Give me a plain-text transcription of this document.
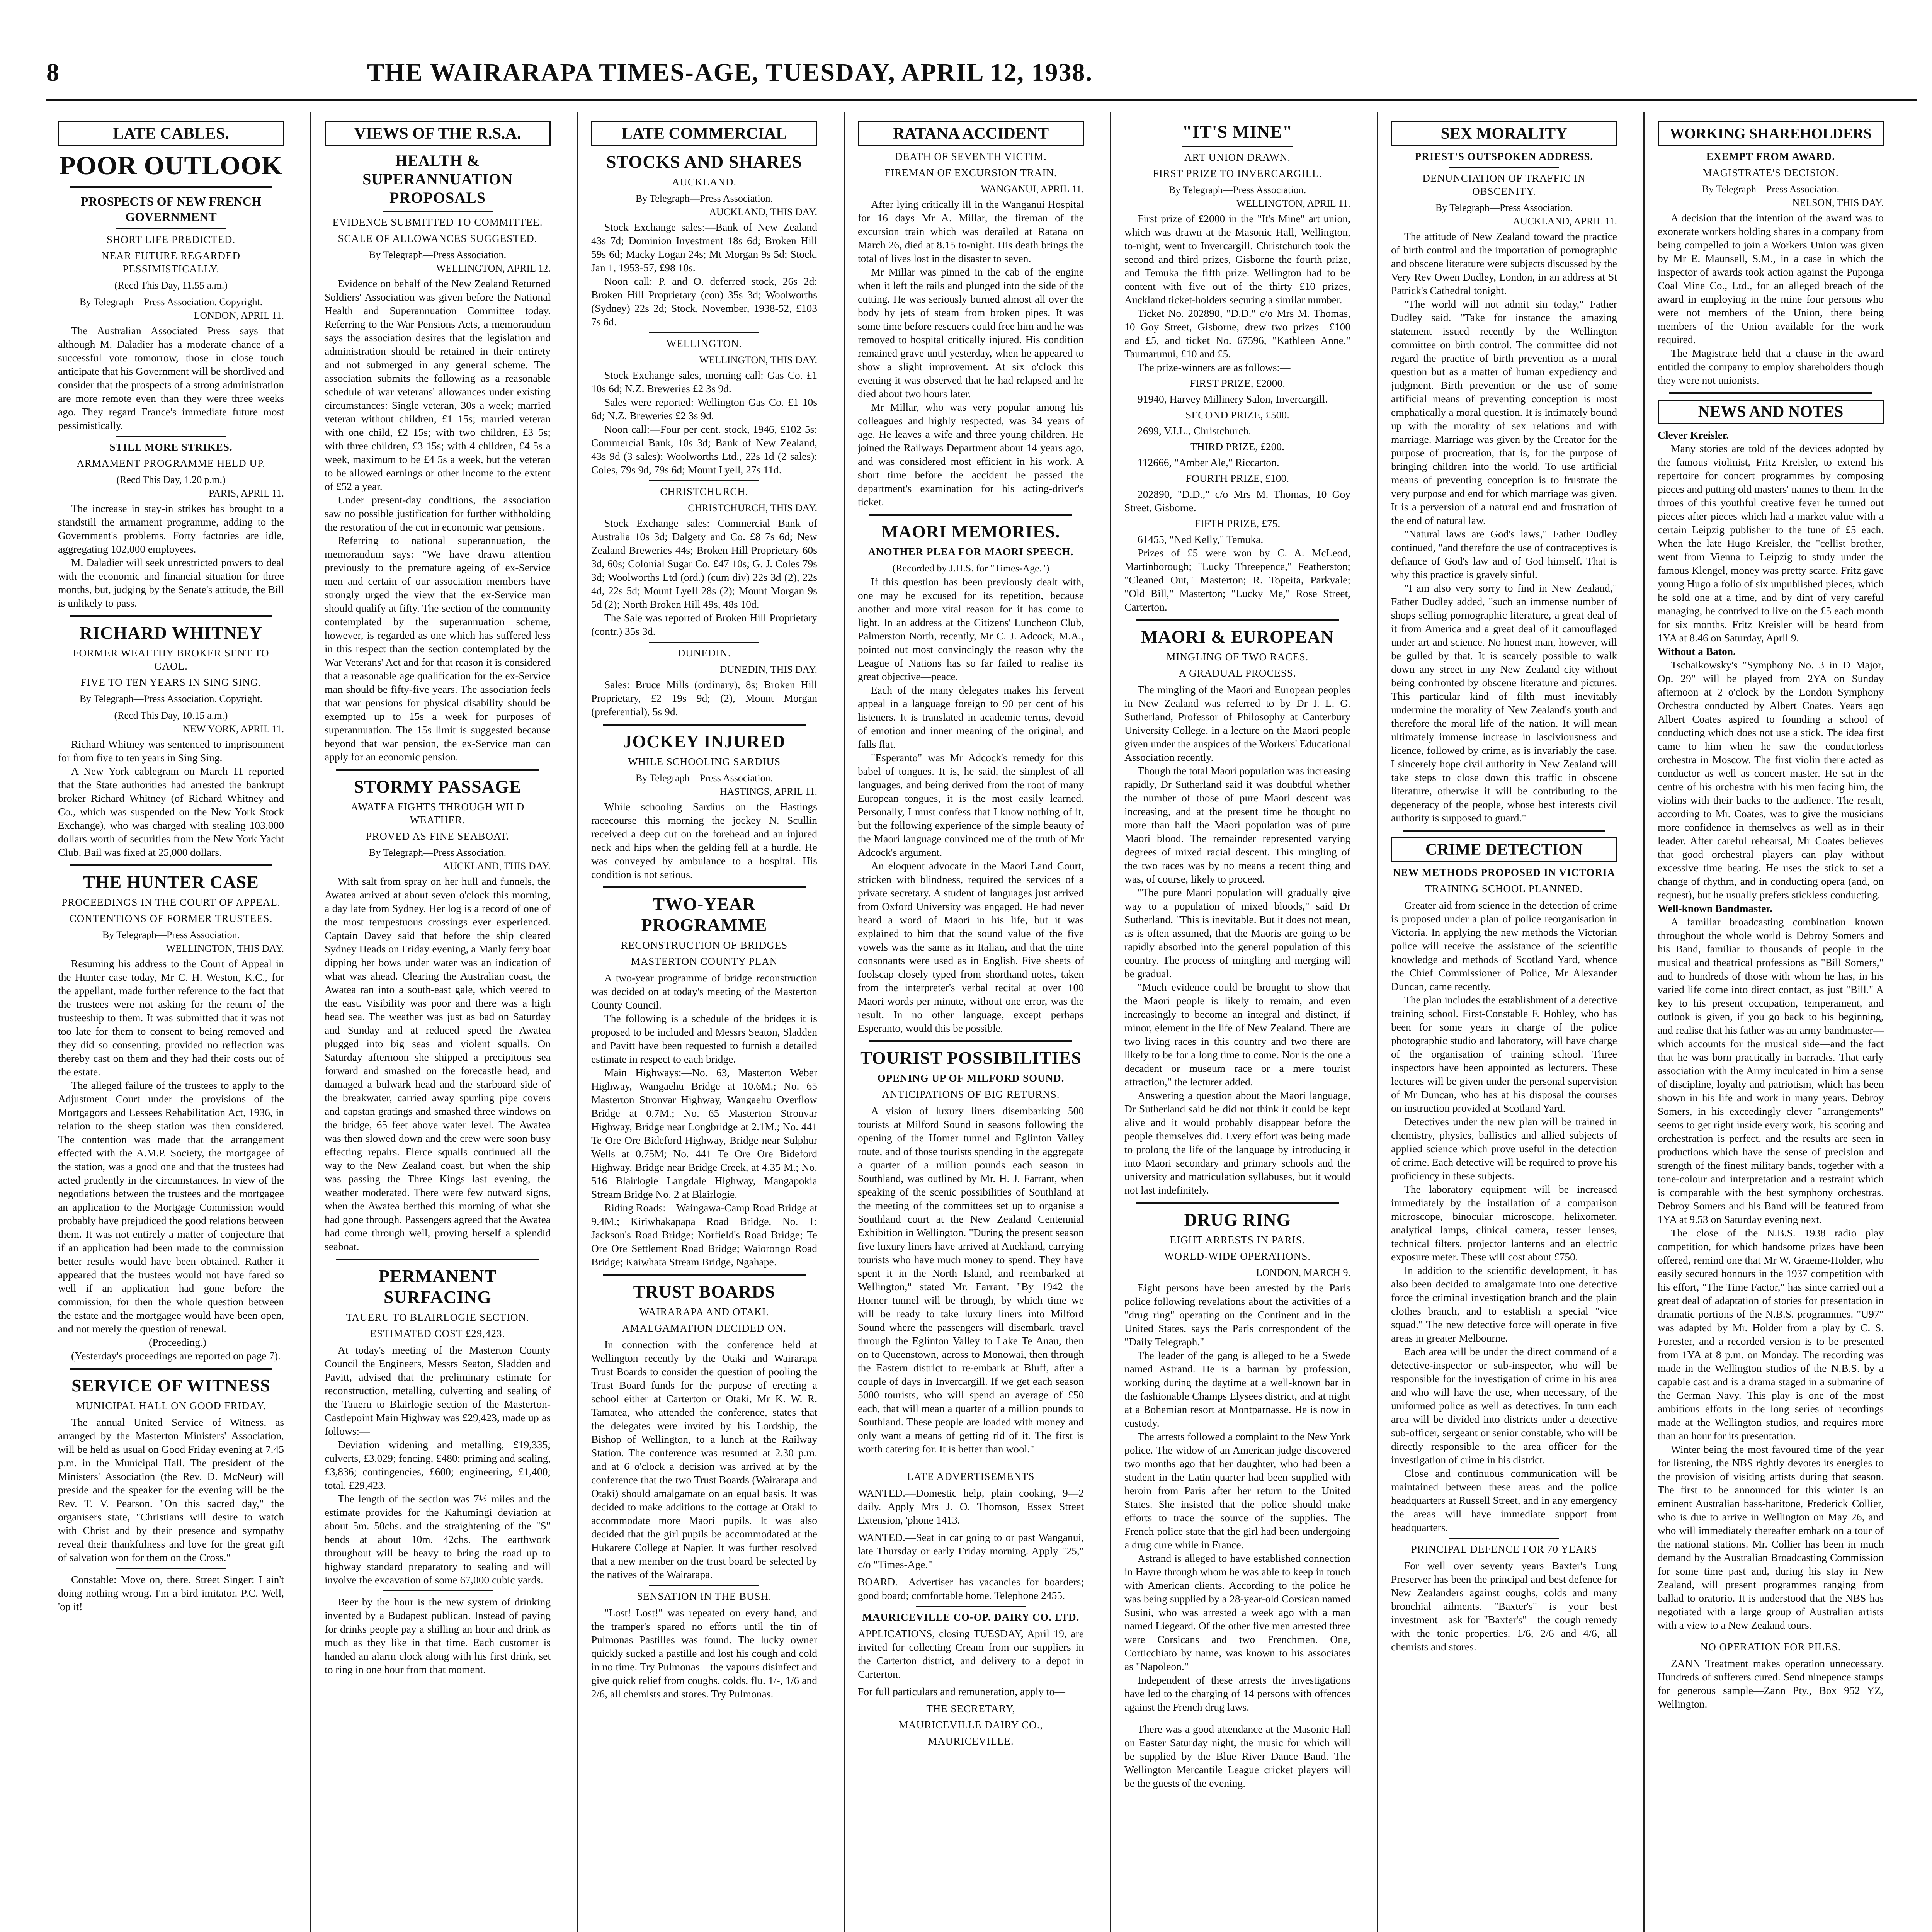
8	THE WAIRARAPA TIMES-AGE, TUESDAY, APRIL 12, 1938.
LATE CABLES.
POOR OUTLOOK
PROSPECTS OF NEW FRENCH GOVERNMENT
SHORT LIFE PREDICTED.
NEAR FUTURE REGARDED PESSIMISTICALLY.
(Recd This Day, 11.55 a.m.)
By Telegraph—Press Association. Copyright.
LONDON, APRIL 11.

The Australian Associated Press says that although M. Daladier has a moderate chance of a successful vote tomorrow, those in close touch anticipate that his Government will be shortlived and consider that the prospects of a strong administration are more remote even than they were three weeks ago. They regard France's immediate future most pessimistically.

STILL MORE STRIKES.
ARMAMENT PROGRAMME HELD UP.
(Recd This Day, 1.20 p.m.)
PARIS, APRIL 11.

The increase in stay-in strikes has brought to a standstill the armament programme, adding to the Government's problems. Forty factories are idle, aggregating 102,000 employees.

M. Daladier will seek unrestricted powers to deal with the economic and financial situation for three months, but, judging by the Senate's attitude, the Bill is unlikely to pass.

RICHARD WHITNEY
FORMER WEALTHY BROKER SENT TO GAOL.
FIVE TO TEN YEARS IN SING SING.
By Telegraph—Press Association. Copyright.
(Recd This Day, 10.15 a.m.)
NEW YORK, APRIL 11.

Richard Whitney was sentenced to imprisonment for from five to ten years in Sing Sing.

A New York cablegram on March 11 reported that the State authorities had arrested the bankrupt broker Richard Whitney (of Richard Whitney and Co., which was suspended on the New York Stock Exchange), who was charged with stealing 103,000 dollars worth of securities from the New York Yacht Club. Bail was fixed at 25,000 dollars.

THE HUNTER CASE
PROCEEDINGS IN THE COURT OF APPEAL.
CONTENTIONS OF FORMER TRUSTEES.
By Telegraph—Press Association.
WELLINGTON, THIS DAY.

Resuming his address to the Court of Appeal in the Hunter case today, Mr C. H. Weston, K.C., for the appellant, made further reference to the fact that the trustees were not asking for the return of the trusteeship to them. It was submitted that it was not too late for them to consent to being removed and they did so consenting, provided no reflection was thereby cast on them and they had their costs out of the estate.

The alleged failure of the trustees to apply to the Adjustment Court under the provisions of the Mortgagors and Lessees Rehabilitation Act, 1936, in relation to the sheep station was then considered. The contention was made that the arrangement effected with the A.M.P. Society, the mortgagee of the station, was a good one and that the trustees had acted prudently in the circumstances. In view of the negotiations between the trustees and the mortgagee an application to the Mortgage Commission would probably have prejudiced the good relations between them. It was not entirely a matter of conjecture that if an application had been made to the commission better results would have been obtained. Rather it appeared that the trustees would not have fared so well if an application had gone before the commission, for then the whole question between the estate and the mortgagee would have been open, and not merely the question of renewal.

(Proceeding.)

(Yesterday's proceedings are reported on page 7).

SERVICE OF WITNESS
MUNICIPAL HALL ON GOOD FRIDAY.

The annual United Service of Witness, as arranged by the Masterton Ministers' Association, will be held as usual on Good Friday evening at 7.45 p.m. in the Municipal Hall. The president of the Ministers' Association (the Rev. D. McNeur) will preside and the speaker for the evening will be the Rev. T. V. Pearson. "On this sacred day," the organisers state, "Christians will desire to watch with Christ and by their presence and sympathy reveal their thankfulness and love for the great gift of salvation won for them on the Cross."

Constable: Move on, there. Street Singer: I ain't doing nothing wrong. I'm a bird imitator. P.C. Well, 'op it!

VIEWS OF THE R.S.A.
HEALTH & SUPERANNUATION PROPOSALS
EVIDENCE SUBMITTED TO COMMITTEE.
SCALE OF ALLOWANCES SUGGESTED.
By Telegraph—Press Association.
WELLINGTON, APRIL 12.

Evidence on behalf of the New Zealand Returned Soldiers' Association was given before the National Health and Superannuation Committee today. Referring to the War Pensions Acts, a memorandum says the association desires that the legislation and administration should be retained in their entirety and not submerged in any general scheme. The association submits the following as a reasonable schedule of war veterans' allowances under existing circumstances: Single veteran, 30s a week; married veteran without children, £1 15s; married veteran with one child, £2 15s; with two children, £3 5s; with three children, £3 15s; with 4 children, £4 5s a week, maximum to be £4 5s a week, but the veteran to be allowed earnings or other income to the extent of £52 a year.

Under present-day conditions, the association saw no possible justification for further withholding the restoration of the cut in economic war pensions.

Referring to national superannuation, the memorandum says: "We have drawn attention previously to the premature ageing of ex-Service men and certain of our association members have strongly urged the view that the ex-Service man should qualify at fifty. The section of the community contemplated by the superannuation scheme, however, is regarded as one which has suffered less in this respect than the section contemplated by the War Veterans' Act and for that reason it is considered that a reasonable age qualification for the ex-Service man should be fifty-five years. The association feels that war pensions for physical disability should be exempted up to 15s a week for purposes of superannuation. The 15s limit is suggested because beyond that war pension, the ex-Service man can apply for an economic pension.

STORMY PASSAGE
AWATEA FIGHTS THROUGH WILD WEATHER.
PROVED AS FINE SEABOAT.
By Telegraph—Press Association.
AUCKLAND, THIS DAY.

With salt from spray on her hull and funnels, the Awatea arrived at about seven o'clock this morning, a day late from Sydney. Her log is a record of one of the most tempestuous crossings ever experienced. Captain Davey said that before the ship cleared Sydney Heads on Friday evening, a Manly ferry boat dipping her bows under water was an indication of what was ahead. Clearing the Australian coast, the Awatea ran into a south-east gale, which veered to the east. Visibility was poor and there was a high head sea. The weather was just as bad on Saturday and Sunday and at reduced speed the Awatea plugged into big seas and violent squalls. On Saturday afternoon she shipped a precipitous sea forward and smashed on the forecastle head, and damaged a bulwark head and the starboard side of the breakwater, carried away spurling pipe covers and capstan gratings and smashed three windows on the bridge, 65 feet above water level. The Awatea was then slowed down and the crew were soon busy effecting repairs. Fierce squalls continued all the way to the New Zealand coast, but when the ship was passing the Three Kings last evening, the weather moderated. There were few outward signs, when the Awatea berthed this morning of what she had gone through. Passengers agreed that the Awatea had come through well, proving herself a splendid seaboat.

PERMANENT SURFACING
TAUERU TO BLAIRLOGIE SECTION.
ESTIMATED COST £29,423.

At today's meeting of the Masterton County Council the Engineers, Messrs Seaton, Sladden and Pavitt, advised that the preliminary estimate for reconstruction, metalling, culverting and sealing of the Taueru to Blairlogie section of the Masterton-Castlepoint Main Highway was £29,423, made up as follows:—

Deviation widening and metalling, £19,335; culverts, £3,029; fencing, £480; priming and sealing, £3,836; contingencies, £600; engineering, £1,400; total, £29,423.

The length of the section was 7½ miles and the estimate provides for the Kahumingi deviation at about 5m. 50chs. and the straightening of the "S" bends at about 10m. 42chs. The earthwork throughout will be heavy to bring the road up to highway standard preparatory to sealing and will involve the excavation of some 67,000 cubic yards.

Beer by the hour is the new system of drinking invented by a Budapest publican. Instead of paying for drinks people pay a shilling an hour and drink as much as they like in that time. Each customer is handed an alarm clock along with his first drink, set to ring in one hour from that moment.

LATE COMMERCIAL
STOCKS AND SHARES
AUCKLAND.
By Telegraph—Press Association.
AUCKLAND, THIS DAY.

Stock Exchange sales:—Bank of New Zealand 43s 7d; Dominion Investment 18s 6d; Broken Hill 59s 6d; Macky Logan 24s; Mt Morgan 9s 5d; Stock, Jan 1, 1953-57, £98 10s.

Noon call: P. and O. deferred stock, 26s 2d; Broken Hill Proprietary (con) 35s 3d; Woolworths (Sydney) 22s 2d; Stock, November, 1938-52, £103 7s 6d.

WELLINGTON.
WELLINGTON, THIS DAY.

Stock Exchange sales, morning call: Gas Co. £1 10s 6d; N.Z. Breweries £2 3s 9d.

Sales were reported: Wellington Gas Co. £1 10s 6d; N.Z. Breweries £2 3s 9d.

Noon call:—Four per cent. stock, 1946, £102 5s; Commercial Bank, 10s 3d; Bank of New Zealand, 43s 9d (3 sales); Woolworths Ltd., 22s 1d (2 sales); Coles, 79s 9d, 79s 6d; Mount Lyell, 27s 11d.

CHRISTCHURCH.
CHRISTCHURCH, THIS DAY.

Stock Exchange sales: Commercial Bank of Australia 10s 3d; Dalgety and Co. £8 7s 6d; New Zealand Breweries 44s; Broken Hill Proprietary 60s 3d, 60s; Colonial Sugar Co. £47 10s; G. J. Coles 79s 3d; Woolworths Ltd (ord.) (cum div) 22s 3d (2), 22s 4d, 22s 5d; Mount Lyell 28s (2); Mount Morgan 9s 5d (2); North Broken Hill 49s, 48s 10d.

The Sale was reported of Broken Hill Proprietary (contr.) 35s 3d.

DUNEDIN.
DUNEDIN, THIS DAY.

Sales: Bruce Mills (ordinary), 8s; Broken Hill Proprietary, £2 19s 9d; (2), Mount Morgan (preferential), 5s 9d.

JOCKEY INJURED
WHILE SCHOOLING SARDIUS
By Telegraph—Press Association.
HASTINGS, APRIL 11.

While schooling Sardius on the Hastings racecourse this morning the jockey N. Scullin received a deep cut on the forehead and an injured neck and hips when the gelding fell at a hurdle. He was conveyed by ambulance to a hospital. His condition is not serious.

TWO-YEAR PROGRAMME
RECONSTRUCTION OF BRIDGES
MASTERTON COUNTY PLAN

A two-year programme of bridge reconstruction was decided on at today's meeting of the Masterton County Council.

The following is a schedule of the bridges it is proposed to be included and Messrs Seaton, Sladden and Pavitt have been requested to furnish a detailed estimate in respect to each bridge.

Main Highways:—No. 63, Masterton Weber Highway, Wangaehu Bridge at 10.6M.; No. 65 Masterton Stronvar Highway, Wangaehu Overflow Bridge at 0.7M.; No. 65 Masterton Stronvar Highway, Bridge near Longbridge at 2.1M.; No. 441 Te Ore Ore Bideford Highway, Bridge near Sulphur Wells at 0.75M; No. 441 Te Ore Ore Bideford Highway, Bridge near Bridge Creek, at 4.35 M.; No. 516 Blairlogie Langdale Highway, Mangapokia Stream Bridge No. 2 at Blairlogie.

Riding Roads:—Waingawa-Camp Road Bridge at 9.4M.; Kiriwhakapapa Road Bridge, No. 1; Jackson's Road Bridge; Norfield's Road Bridge; Te Ore Ore Settlement Road Bridge; Waiorongo Road Bridge; Kaiwhata Stream Bridge, Ngahape.

TRUST BOARDS
WAIRARAPA AND OTAKI.
AMALGAMATION DECIDED ON.

In connection with the conference held at Wellington recently by the Otaki and Wairarapa Trust Boards to consider the question of pooling the Trust Board funds for the purpose of erecting a school either at Carterton or Otaki, Mr K. W. R. Tamatea, who attended the conference, states that the delegates were invited by his Lordship, the Bishop of Wellington, to a lunch at the Railway Station. The conference was resumed at 2.30 p.m. and at 6 o'clock a decision was arrived at by the conference that the two Trust Boards (Wairarapa and Otaki) should amalgamate on an equal basis. It was decided to make additions to the cottage at Otaki to accommodate more Maori pupils. It was also decided that the girl pupils be accommodated at the Hukarere College at Napier. It was further resolved that a new member on the trust board be selected by the natives of the Wairarapa.

SENSATION IN THE BUSH.

"Lost! Lost!" was repeated on every hand, and the tramper's spared no efforts until the tin of Pulmonas Pastilles was found. The lucky owner quickly sucked a pastille and lost his cough and cold in no time. Try Pulmonas—the vapours disinfect and give quick relief from coughs, colds, flu. 1/-, 1/6 and 2/6, all chemists and stores. Try Pulmonas.

RATANA ACCIDENT
DEATH OF SEVENTH VICTIM.
FIREMAN OF EXCURSION TRAIN.
WANGANUI, APRIL 11.

After lying critically ill in the Wanganui Hospital for 16 days Mr A. Millar, the fireman of the excursion train which was derailed at Ratana on March 26, died at 8.15 to-night. His death brings the total of lives lost in the disaster to seven.

Mr Millar was pinned in the cab of the engine when it left the rails and plunged into the side of the cutting. He was seriously burned almost all over the body by jets of steam from broken pipes. It was some time before rescuers could free him and he was removed to hospital critically injured. His condition remained grave until yesterday, when he appeared to show a slight improvement. At six o'clock this evening it was observed that he had relapsed and he died about two hours later.

Mr Millar, who was very popular among his colleagues and highly respected, was 34 years of age. He leaves a wife and three young children. He joined the Railways Department about 14 years ago, and was considered most efficient in his work. A short time before the accident he passed the department's examination for his acting-driver's ticket.

MAORI MEMORIES.
ANOTHER PLEA FOR MAORI SPEECH.
(Recorded by J.H.S. for "Times-Age.")

If this question has been previously dealt with, one may be excused for its repetition, because another and more vital reason for it has come to light. In an address at the Citizens' Luncheon Club, Palmerston North, recently, Mr C. J. Adcock, M.A., pointed out most convincingly the reason why the League of Nations has so far failed to realise its great objective—peace.

Each of the many delegates makes his fervent appeal in a language foreign to 90 per cent of his listeners. It is translated in academic terms, devoid of emotion and inner meaning of the original, and falls flat.

"Esperanto" was Mr Adcock's remedy for this babel of tongues. It is, he said, the simplest of all languages, and being derived from the root of many European tongues, it is the most easily learned. Personally, I must confess that I know nothing of it, but the following experience of the simple beauty of the Maori language convinced me of the truth of Mr Adcock's argument.

An eloquent advocate in the Maori Land Court, stricken with blindness, required the services of a private secretary. A student of languages just arrived from Oxford University was engaged. He had never heard a word of Maori in his life, but it was explained to him that the sound value of the five vowels was the same as in Italian, and that the nine consonants were used as in English. Five sheets of foolscap closely typed from shorthand notes, taken from the interpreter's verbal recital at over 100 Maori words per minute, without one error, was the result. In no other language, except perhaps Esperanto, would this be possible.

TOURIST POSSIBILITIES
OPENING UP OF MILFORD SOUND.
ANTICIPATIONS OF BIG RETURNS.

A vision of luxury liners disembarking 500 tourists at Milford Sound in seasons following the opening of the Homer tunnel and Eglinton Valley route, and of those tourists spending in the aggregate a quarter of a million pounds each season in Southland, was outlined by Mr. H. J. Farrant, when speaking of the scenic possibilities of Southland at the meeting of the committees set up to organise a Southland court at the New Zealand Centennial Exhibition in Wellington. "During the present season five luxury liners have arrived at Auckland, carrying tourists who have much money to spend. They have spent it in the North Island, and reembarked at Wellington," stated Mr. Farrant. "By 1942 the Homer tunnel will be through, by which time we will be ready to take luxury liners into Milford Sound where the passengers will disembark, travel through the Eglinton Valley to Lake Te Anau, then on to Queenstown, across to Monowai, then through the Eastern district to re-embark at Bluff, after a couple of days in Invercargill. If we get each season 5000 tourists, who will spend an average of £50 each, that will mean a quarter of a million pounds to Southland. These people are loaded with money and only want a means of getting rid of it. The first is worth catering for. It is better than wool."

LATE ADVERTISEMENTS

WANTED.—Domestic help, plain cooking, 9—2 daily. Apply Mrs J. O. Thomson, Essex Street Extension, 'phone 1413.

WANTED.—Seat in car going to or past Wanganui, late Thursday or early Friday morning. Apply "25," c/o "Times-Age."

BOARD.—Advertiser has vacancies for boarders; good board; comfortable home. Telephone 2455.

MAURICEVILLE CO-OP. DAIRY CO. LTD.

APPLICATIONS, closing TUESDAY, April 19, are invited for collecting Cream from our suppliers in the Carterton district, and delivery to a depot in Carterton.

For full particulars and remuneration, apply to—

THE SECRETARY,
MAURICEVILLE DAIRY CO.,
MAURICEVILLE.
"IT'S MINE"
ART UNION DRAWN.
FIRST PRIZE TO INVERCARGILL.
By Telegraph—Press Association.
WELLINGTON, APRIL 11.

First prize of £2000 in the "It's Mine" art union, which was drawn at the Masonic Hall, Wellington, to-night, went to Invercargill. Christchurch took the second and third prizes, Gisborne the fourth prize, and Temuka the fifth prize. Wellington had to be content with five out of the thirty £10 prizes, Auckland ticket-holders securing a similar number.

Ticket No. 202890, "D.D." c/o Mrs M. Thomas, 10 Goy Street, Gisborne, drew two prizes—£100 and £5, and ticket No. 67596, "Kathleen Anne," Taumarunui, £10 and £5.

The prize-winners are as follows:—

FIRST PRIZE, £2000.

91940, Harvey Millinery Salon, Invercargill.

SECOND PRIZE, £500.

2699, V.I.L., Christchurch.

THIRD PRIZE, £200.

112666, "Amber Ale," Riccarton.

FOURTH PRIZE, £100.

202890, "D.D.," c/o Mrs M. Thomas, 10 Goy Street, Gisborne.

FIFTH PRIZE, £75.

61455, "Ned Kelly," Temuka.

Prizes of £5 were won by C. A. McLeod, Martinborough; "Lucky Threepence," Featherston; "Cleaned Out," Masterton; R. Topeita, Parkvale; "Old Bill," Masterton; "Lucky Me," Rose Street, Carterton.

MAORI & EUROPEAN
MINGLING OF TWO RACES.
A GRADUAL PROCESS.

The mingling of the Maori and European peoples in New Zealand was referred to by Dr I. L. G. Sutherland, Professor of Philosophy at Canterbury University College, in a lecture on the Maori people given under the auspices of the Workers' Educational Association recently.

Though the total Maori population was increasing rapidly, Dr Sutherland said it was doubtful whether the number of those of pure Maori descent was increasing, and at the present time he thought no more than half the Maori population was of pure Maori blood. The remainder represented varying degrees of mixed racial descent. This mingling of the two races was by no means a recent thing and was, of course, likely to proceed.

"The pure Maori population will gradually give way to a population of mixed bloods," said Dr Sutherland. "This is inevitable. But it does not mean, as is often assumed, that the Maoris are going to be rapidly absorbed into the general population of this country. The process of mingling and merging will be gradual.

"Much evidence could be brought to show that the Maori people is likely to remain, and even increasingly to become an integral and distinct, if minor, element in the life of New Zealand. There are two living races in this country and two there are likely to be for a long time to come. Nor is the one a decadent or museum race or a mere tourist attraction," the lecturer added.

Answering a question about the Maori language, Dr Sutherland said he did not think it could be kept alive and it would probably disappear before the people themselves did. Every effort was being made to prolong the life of the language by introducing it into Maori secondary and primary schools and the university and matriculation syllabuses, but it would not last indefinitely.

DRUG RING
EIGHT ARRESTS IN PARIS.
WORLD-WIDE OPERATIONS.
LONDON, MARCH 9.

Eight persons have been arrested by the Paris police following revelations about the activities of a "drug ring" operating on the Continent and in the United States, says the Paris correspondent of the "Daily Telegraph."

The leader of the gang is alleged to be a Swede named Astrand. He is a barman by profession, working during the daytime at a well-known bar in the fashionable Champs Elysees district, and at night at a Bohemian resort at Montparnasse. He is now in custody.

The arrests followed a complaint to the New York police. The widow of an American judge discovered two months ago that her daughter, who had been a student in the Latin quarter had been supplied with heroin from Paris after her return to the United States. She insisted that the police should make efforts to trace the source of the supplies. The French police state that the girl had been undergoing a drug cure while in France.

Astrand is alleged to have established connection in Havre through whom he was able to keep in touch with American clients. According to the police he was being supplied by a 28-year-old Corsican named Susini, who was arrested a week ago with a man named Liegeard. Of the other five men arrested three were Corsicans and two Frenchmen. One, Corticchiato by name, was known to his associates as "Napoleon."

Independent of these arrests the investigations have led to the charging of 14 persons with offences against the French drug laws.

There was a good attendance at the Masonic Hall on Easter Saturday night, the music for which will be supplied by the Blue River Dance Band. The Wellington Mercantile League cricket players will be the guests of the evening.

SEX MORALITY
PRIEST'S OUTSPOKEN ADDRESS.
DENUNCIATION OF TRAFFIC IN OBSCENITY.
By Telegraph—Press Association.
AUCKLAND, APRIL 11.

The attitude of New Zealand toward the practice of birth control and the importation of pornographic and obscene literature were subjects discussed by the Very Rev Owen Dudley, London, in an address at St Patrick's Cathedral tonight.

"The world will not admit sin today," Father Dudley said. "Take for instance the amazing statement issued recently by the Wellington committee on birth control. The committee did not regard the practice of birth prevention as a moral question but as a matter of human expediency and judgment. Birth prevention or the use of some artificial means of preventing conception is most emphatically a moral question. It is intimately bound up with the morality of sex relations and with marriage. Marriage was given by the Creator for the purpose of procreation, that is, for the purpose of bringing children into the world. To use artificial means of preventing conception is to frustrate the very purpose and end for which marriage was given. It is a perversion of a natural end and frustration of the end of natural law.

"Natural laws are God's laws," Father Dudley continued, "and therefore the use of contraceptives is defiance of God's law and of God himself. That is why this practice is gravely sinful.

"I am also very sorry to find in New Zealand," Father Dudley added, "such an immense number of shops selling pornographic literature, a great deal of it from America and a great deal of it camouflaged under art and science. No honest man, however, will be gulled by that. It is scarcely possible to walk down any street in any New Zealand city without being confronted by obscene literature and pictures. This particular kind of filth must inevitably undermine the morality of New Zealand's youth and therefore the moral life of the nation. It will mean ultimately immense increase in lasciviousness and licence, followed by crime, as is invariably the case. I sincerely hope civil authority in New Zealand will take steps to close down this traffic in obscene literature, otherwise it will be contributing to the degeneracy of the people, whose best interests civil authority is supposed to guard."

CRIME DETECTION
NEW METHODS PROPOSED IN VICTORIA
TRAINING SCHOOL PLANNED.

Greater aid from science in the detection of crime is proposed under a plan of police reorganisation in Victoria. In applying the new methods the Victorian police will receive the assistance of the scientific knowledge and methods of Scotland Yard, whence the Chief Commissioner of Police, Mr Alexander Duncan, came recently.

The plan includes the establishment of a detective training school. First-Constable F. Hobley, who has been for some years in charge of the police photographic studio and laboratory, will have charge of the organisation of training school. Three inspectors have been appointed as lecturers. These lectures will be given under the personal supervision of Mr Duncan, who has at his disposal the courses on instruction provided at Scotland Yard.

Detectives under the new plan will be trained in chemistry, physics, ballistics and allied subjects of applied science which prove useful in the detection of crime. Each detective will be required to prove his proficiency in these subjects.

The laboratory equipment will be increased immediately by the installation of a comparison microscope, binocular microscope, helixometer, analytical lamps, clinical camera, tesser lenses, technical filters, projector lanterns and an electric exposure meter. These will cost about £750.

In addition to the scientific development, it has also been decided to amalgamate into one detective force the criminal investigation branch and the plain clothes branch, and to establish a special "vice squad." The new detective force will operate in five areas in greater Melbourne.

Each area will be under the direct command of a detective-inspector or sub-inspector, who will be responsible for the investigation of crime in his area and who will have the use, when necessary, of the uniformed police as well as detectives. In turn each area will be divided into districts under a detective sub-officer, sergeant or senior constable, who will be directly responsible to the area officer for the investigation of crime in his district.

Close and continuous communication will be maintained between these areas and the police headquarters at Russell Street, and in any emergency the areas will have immediate support from headquarters.

PRINCIPAL DEFENCE FOR 70 YEARS

For well over seventy years Baxter's Lung Preserver has been the principal and best defence for New Zealanders against coughs, colds and many bronchial ailments. "Baxter's" is your best investment—ask for "Baxter's"—the cough remedy with the tonic properties. 1/6, 2/6 and 4/6, all chemists and stores.

WORKING SHAREHOLDERS
EXEMPT FROM AWARD.
MAGISTRATE'S DECISION.
By Telegraph—Press Association.
NELSON, THIS DAY.

A decision that the intention of the award was to exonerate workers holding shares in a company from being compelled to join a Workers Union was given by Mr E. Maunsell, S.M., in a case in which the inspector of awards took action against the Puponga Coal Mine Co., Ltd., for an alleged breach of the award in employing in the mine four persons who were not members of the Union, there being members of the Union available for the work required.

The Magistrate held that a clause in the award entitled the company to employ shareholders though they were not unionists.

NEWS AND NOTES

Clever Kreisler.

Many stories are told of the devices adopted by the famous violinist, Fritz Kreisler, to extend his repertoire for concert programmes by composing pieces and putting old masters' names to them. In the throes of this youthful creative fever he turned out pieces after pieces which had a market value with a certain Leipzig publisher to the tune of £5 each. When the late Hugo Kreisler, the "cellist brother, went from Vienna to Leipzig to study under the famous Klengel, money was pretty scarce. Fritz gave young Hugo a folio of six unpublished pieces, which he sold one at a time, and by dint of very careful managing, he contrived to live on the £5 each month for six months. Fritz Kreisler will be heard from 1YA at 8.46 on Saturday, April 9.

Without a Baton.

Tschaikowsky's "Symphony No. 3 in D Major, Op. 29" will be played from 2YA on Sunday afternoon at 2 o'clock by the London Symphony Orchestra conducted by Albert Coates. Years ago Albert Coates aspired to founding a school of conducting which does not use a stick. The idea first came to him when he saw the conductorless orchestra in Moscow. The first violin there acted as conductor as well as concert master. He sat in the centre of his orchestra with his men facing him, the violins with their backs to the audience. The result, according to Mr. Coates, was to give the musicians more confidence in themselves as well as in their leader. After careful rehearsal, Mr Coates believes that good orchestral players can play without excessive time beating. He uses the stick to set a change of rhythm, and in conducting opera (and, on request), but he usually prefers stickless conducting.

Well-known Bandmaster.

A familiar broadcasting combination known throughout the whole world is Debroy Somers and his Band, familiar to thousands of people in the musical and theatrical professions as "Bill Somers," and to hundreds of those with whom he has, in his varied life come into direct contact, as just "Bill." A key to his present occupation, temperament, and outlook is given, if you go back to his beginning, and realise that his father was an army bandmaster—which accounts for the musical side—and the fact that he was born practically in barracks. That early association with the Army inculcated in him a sense of discipline, loyalty and patriotism, which has been shown in his life and work in many years. Debroy Somers, in his exceedingly clever "arrangements" seems to get right inside every work, his scoring and orchestration is perfect, and the results are seen in productions which have the sense of precision and strength of the finest military bands, together with a tone-colour and interpretation and a restraint which is comparable with the best symphony orchestras. Debroy Somers and his Band will be featured from 1YA at 9.53 on Saturday evening next.

The close of the N.B.S. 1938 radio play competition, for which handsome prizes have been offered, remind one that Mr W. Graeme-Holder, who easily secured honours in the 1937 competition with his effort, "The Time Factor," has since carried out a great deal of adaptation of stories for presentation in dramatic portions of the N.B.S. programmes. "U97" was adapted by Mr. Holder from a play by C. S. Forester, and a recorded version is to be presented from 1YA at 8 p.m. on Monday. The recording was made in the Wellington studios of the N.B.S. by a capable cast and is a drama staged in a submarine of the German Navy. This play is one of the most ambitious efforts in the long series of recordings made at the Wellington studios, and requires more than an hour for its presentation.

Winter being the most favoured time of the year for listening, the NBS rightly devotes its energies to the provision of visiting artists during that season. The first to be announced for this winter is an eminent Australian bass-baritone, Frederick Collier, who is due to arrive in Wellington on May 26, and who will immediately thereafter embark on a tour of the national stations. Mr. Collier has been in much demand by the Australian Broadcasting Commission for some time past and, during his stay in New Zealand, will present programmes ranging from ballad to oratorio. It is understood that the NBS has negotiated with a large group of Australian artists with a view to a New Zealand tours.

NO OPERATION FOR PILES.

ZANN Treatment makes operation unnecessary. Hundreds of sufferers cured. Send ninepence stamps for generous sample—Zann Pty., Box 952 YZ, Wellington.
